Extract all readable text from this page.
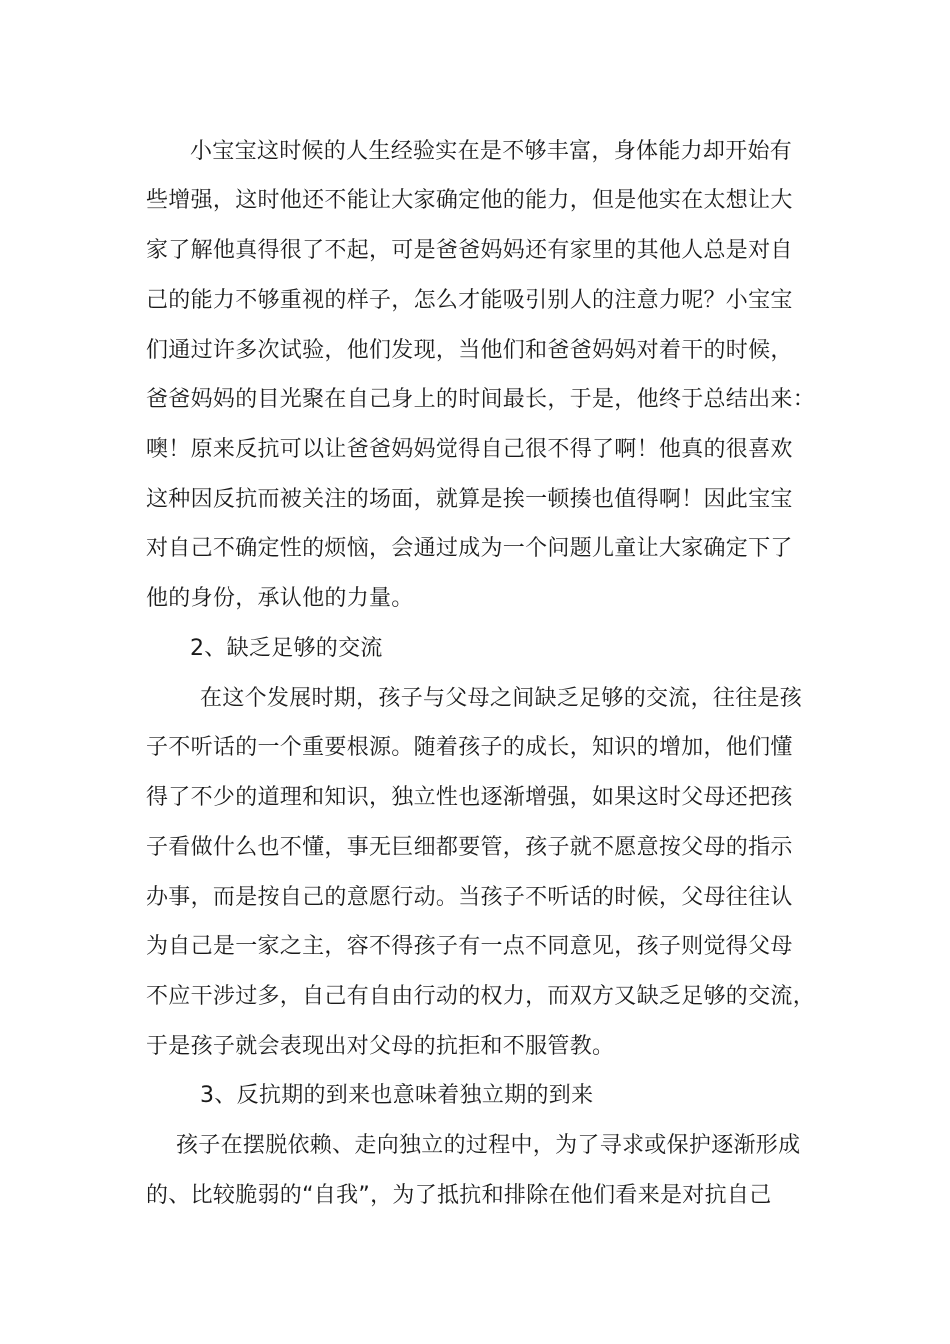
小宝宝这时候的人生经验实在是不够丰富，身体能力却开始有
些增强，这时他还不能让大家确定他的能力，但是他实在太想让大
家了解他真得很了不起，可是爸爸妈妈还有家里的其他人总是对自
己的能力不够重视的样子，怎么才能吸引别人的注意力呢？小宝宝
们通过许多次试验，他们发现，当他们和爸爸妈妈对着干的时候，
爸爸妈妈的目光聚在自己身上的时间最长，于是，他终于总结出来：
噢！原来反抗可以让爸爸妈妈觉得自己很不得了啊！他真的很喜欢
这种因反抗而被关注的场面，就算是挨一顿揍也值得啊！因此宝宝
对自己不确定性的烦恼，会通过成为一个问题儿童让大家确定下了
他的身份，承认他的力量。
2、缺乏足够的交流
在这个发展时期，孩子与父母之间缺乏足够的交流，往往是孩
子不听话的一个重要根源。随着孩子的成长，知识的增加，他们懂
得了不少的道理和知识，独立性也逐渐增强，如果这时父母还把孩
子看做什么也不懂，事无巨细都要管，孩子就不愿意按父母的指示
办事，而是按自己的意愿行动。当孩子不听话的时候，父母往往认
为自己是一家之主，容不得孩子有一点不同意见，孩子则觉得父母
不应干涉过多，自己有自由行动的权力，而双方又缺乏足够的交流，
于是孩子就会表现出对父母的抗拒和不服管教。
3、反抗期的到来也意味着独立期的到来
孩子在摆脱依赖、走向独立的过程中，为了寻求或保护逐渐形成
的、比较脆弱的“自我”，为了抵抗和排除在他们看来是对抗自己
